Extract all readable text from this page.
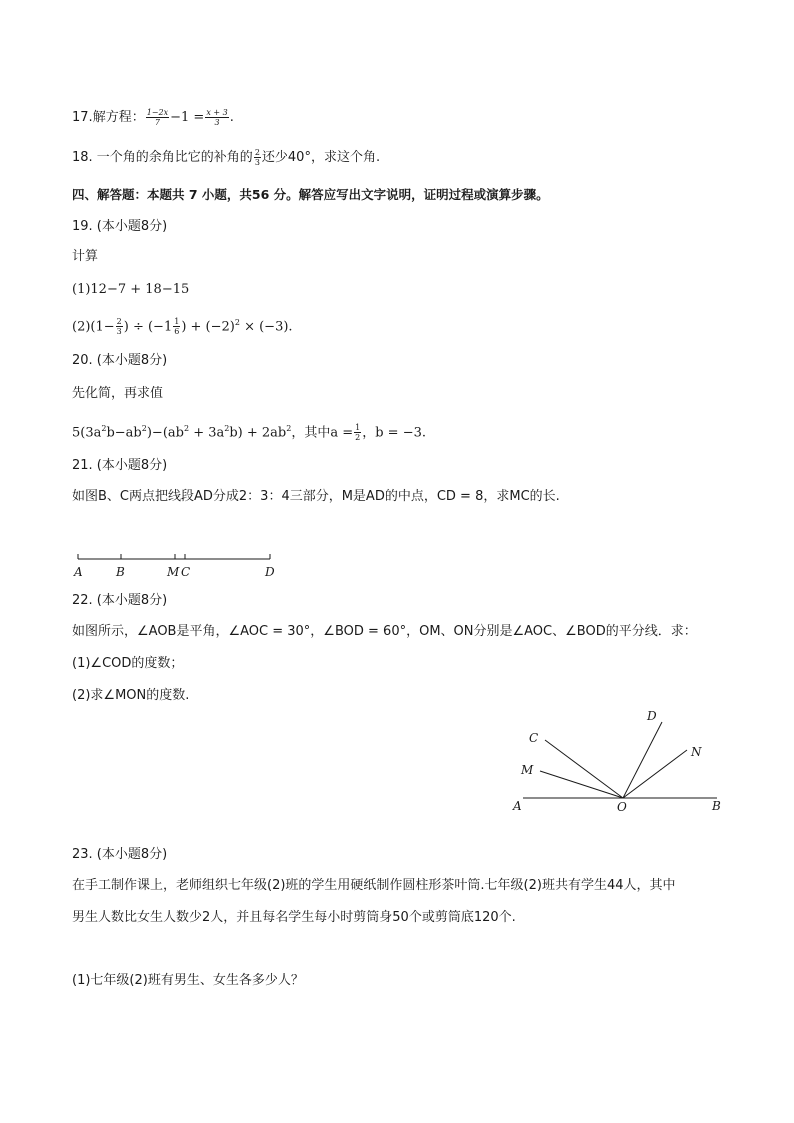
17.解方程： $\frac{1-2x}{7} -1 = \frac{x + 3}{3}$ .
18. 一个角的余角比它的补角的 $\frac{2}{3}$ 还少40°，求这个角.
四、解答题：本题共 7 小题，共56 分。解答应写出文字说明，证明过程或演算步骤。
19. (本小题8分)
计算
(1)12−7 + 18−15
$(2)(1- \frac{2}{3}$ ) ÷ ($-1 \frac{1}{6}$ ) + $(-2)^2 \times (-3)$.
20. (本小题8分)
先化简，再求值
$5(3a^2b-ab^2)-(ab^2 + 3a^2b) + 2ab^2$，其中$a = \frac{1}{2}$ ，b = −3.
21. (本小题8分)
如图B、C两点把线段AD分成2：3：4三部分，M是AD的中点，CD = 8，求MC的长.
A	B	M C	D
22. (本小题8分)
如图所示，∠AOB是平角，∠AOC = 30°，∠BOD = 60°，OM、ON分别是∠AOC、∠BOD的平分线．求：
(1)∠COD的度数；
(2)求∠MON的度数.
D
C
N
M
A	O	B
23. (本小题8分)
在手工制作课上，老师组织七年级(2)班的学生用硬纸制作圆柱形茶叶筒.七年级(2)班共有学生44人，其中
男生人数比女生人数少2人，并且每名学生每小时剪筒身50个或剪筒底120个.
(1)七年级(2)班有男生、女生各多少人？
